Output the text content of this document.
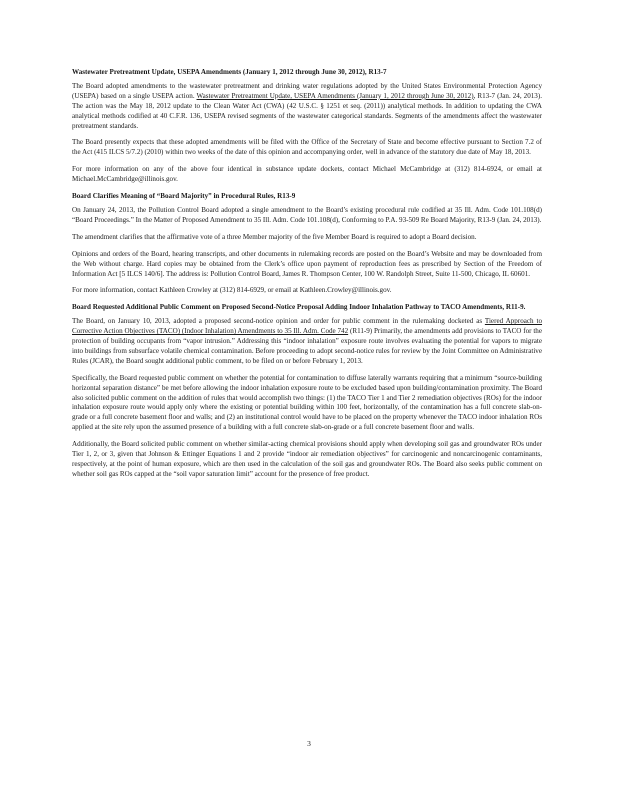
Wastewater Pretreatment Update, USEPA Amendments (January 1, 2012 through June 30, 2012), R13-7
The Board adopted amendments to the wastewater pretreatment and drinking water regulations adopted by the United States Environmental Protection Agency (USEPA) based on a single USEPA action. Wastewater Pretreatment Update, USEPA Amendments (January 1, 2012 through June 30, 2012), R13-7 (Jan. 24, 2013). The action was the May 18, 2012 update to the Clean Water Act (CWA) (42 U.S.C. § 1251 et seq. (2011)) analytical methods. In addition to updating the CWA analytical methods codified at 40 C.F.R. 136, USEPA revised segments of the wastewater categorical standards. Segments of the amendments affect the wastewater pretreatment standards.
The Board presently expects that these adopted amendments will be filed with the Office of the Secretary of State and become effective pursuant to Section 7.2 of the Act (415 ILCS 5/7.2) (2010) within two weeks of the date of this opinion and accompanying order, well in advance of the statutory due date of May 18, 2013.
For more information on any of the above four identical in substance update dockets, contact Michael McCambridge at (312) 814-6924, or email at Michael.McCambridge@illinois.gov.
Board Clarifies Meaning of “Board Majority” in Procedural Rules, R13-9
On January 24, 2013, the Pollution Control Board adopted a single amendment to the Board’s existing procedural rule codified at 35 Ill. Adm. Code 101.108(d) “Board Proceedings.” In the Matter of Proposed Amendment to 35 Ill. Adm. Code 101.108(d), Conforming to P.A. 93-509 Re Board Majority, R13-9 (Jan. 24, 2013).
The amendment clarifies that the affirmative vote of a three Member majority of the five Member Board is required to adopt a Board decision.
Opinions and orders of the Board, hearing transcripts, and other documents in rulemaking records are posted on the Board’s Website and may be downloaded from the Web without charge. Hard copies may be obtained from the Clerk’s office upon payment of reproduction fees as prescribed by Section of the Freedom of Information Act [5 ILCS 140/6]. The address is: Pollution Control Board, James R. Thompson Center, 100 W. Randolph Street, Suite 11-500, Chicago, IL 60601.
For more information, contact Kathleen Crowley at (312) 814-6929, or email at Kathleen.Crowley@illinois.gov.
Board Requested Additional Public Comment on Proposed Second-Notice Proposal Adding Indoor Inhalation Pathway to TACO Amendments, R11-9.
The Board, on January 10, 2013, adopted a proposed second-notice opinion and order for public comment in the rulemaking docketed as Tiered Approach to Corrective Action Objectives (TACO) (Indoor Inhalation) Amendments to 35 Ill. Adm. Code 742 (R11-9) Primarily, the amendments add provisions to TACO for the protection of building occupants from “vapor intrusion.” Addressing this “indoor inhalation” exposure route involves evaluating the potential for vapors to migrate into buildings from subsurface volatile chemical contamination. Before proceeding to adopt second-notice rules for review by the Joint Committee on Administrative Rules (JCAR), the Board sought additional public comment, to be filed on or before February 1, 2013.
Specifically, the Board requested public comment on whether the potential for contamination to diffuse laterally warrants requiring that a minimum “source-building horizontal separation distance” be met before allowing the indoor inhalation exposure route to be excluded based upon building/contamination proximity. The Board also solicited public comment on the addition of rules that would accomplish two things: (1) the TACO Tier 1 and Tier 2 remediation objectives (ROs) for the indoor inhalation exposure route would apply only where the existing or potential building within 100 feet, horizontally, of the contamination has a full concrete slab-on-grade or a full concrete basement floor and walls; and (2) an institutional control would have to be placed on the property whenever the TACO indoor inhalation ROs applied at the site rely upon the assumed presence of a building with a full concrete slab-on-grade or a full concrete basement floor and walls.
Additionally, the Board solicited public comment on whether similar-acting chemical provisions should apply when developing soil gas and groundwater ROs under Tier 1, 2, or 3, given that Johnson & Ettinger Equations 1 and 2 provide “indoor air remediation objectives” for carcinogenic and noncarcinogenic contaminants, respectively, at the point of human exposure, which are then used in the calculation of the soil gas and groundwater ROs. The Board also seeks public comment on whether soil gas ROs capped at the “soil vapor saturation limit” account for the presence of free product.
3
